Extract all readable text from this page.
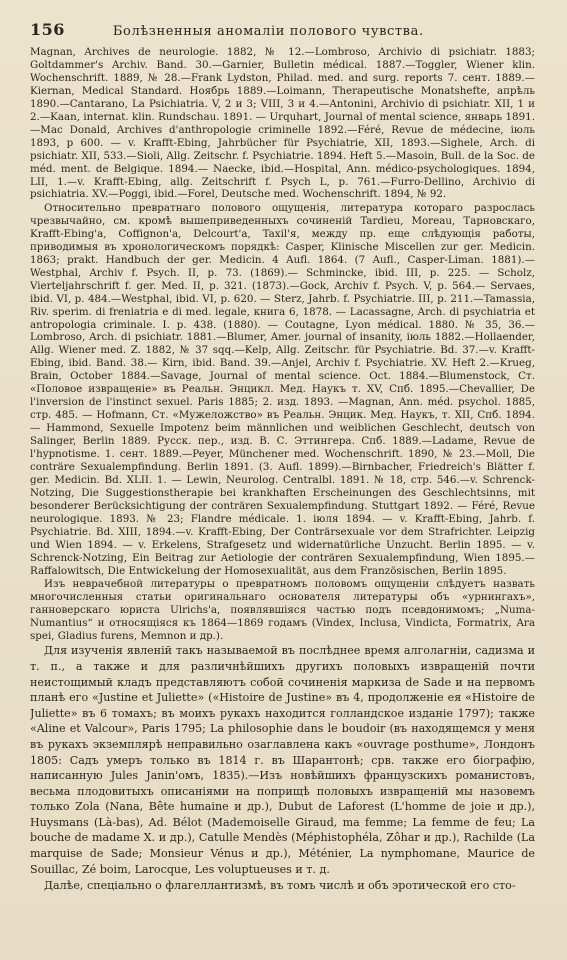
156	Болѣзненныя аномаліи полового чувства.

Magnan, Archives de neurologie. 1882, № 12.—Lombroso, Archivio di psichiatr. 1883; Goltdammer's Archiv. Band. 30.—Garnier, Bulletin médical. 1887.—Toggler, Wiener klin. Wochenschrift. 1889, № 28.—Frank Lydston, Philad. med. and surg. reports 7. сент. 1889.—Kiernan, Medical Standard. Ноябрь 1889.—Loimann, Therapeutische Monatshefte, апрѣль 1890.—Cantarano, La Psichiatria. V, 2 и 3; VIII, 3 и 4.—Antonini, Archivio di psichiatr. XII, 1 и 2.—Kaan, internat. klin. Rundschau. 1891. — Urquhart, Journal of mental science, январь 1891.—Mac Donald, Archives d'anthropologie criminelle 1892.—Féré, Revue de médecine, іюль 1893, p 600. — v. Krafft-Ebing, Jahrbücher für Psychiatrie, XII, 1893.—Sighele, Arch. di psichiatr. XII, 533.—Sioli, Allg. Zeitschr. f. Psychiatrie. 1894. Heft 5.—Masoin, Bull. de la Soc. de méd. ment. de Belgique. 1894.— Naecke, ibid.—Hospital, Ann. médico-psychologiques. 1894, LII, 1.—v. Krafft-Ebing, allg. Zeitschrift f. Psych L, p. 761.—Furro-Dellino, Archivio di psichiatria. XV.—Poggi, ibid.—Forel, Deutsche med. Wochenschrift. 1894, № 92.

Относительно превратнаго полового ощущенія, литература котораго разрослась чрезвычайно, см. кромѣ вышеприведенныхъ сочиненій Tardieu, Moreau, Тарновскаго, Krafft-Ebing'a, Coffignon'a, Delcourt'a, Taxil'я, между пр. еще слѣдующія работы, приводимыя въ хронологическомъ порядкѣ: Casper, Klinische Miscellen zur ger. Medicin. 1863; prakt. Handbuch der ger. Medicin. 4 Aufl. 1864. (7 Aufl., Casper-Liman. 1881).— Westphal, Archiv f. Psych. II, p. 73. (1869).— Schmincke, ibid. III, p. 225. — Scholz, Vierteljahrschrift f. ger. Med. II, p. 321. (1873).—Gock, Archiv f. Psych. V, p. 564.— Servaes, ibid. VI, p. 484.—Westphal, ibid. VI, p. 620. — Sterz, Jahrb. f. Psychiatrie. III, p. 211.—Tamassia, Riv. sperim. di freniatria e di med. legale, книга 6, 1878. — Lacassagne, Arch. di psychiatria et antropologia criminale. I. p. 438. (1880). — Coutagne, Lyon médical. 1880. № 35, 36.—Lombroso, Arch. di psichiatr. 1881.—Blumer, Amer. journal of insanity, іюль 1882.—Hollaender, Allg. Wiener med. Z. 1882, № 37 sqq.—Kelp, Allg. Zeitschr. für Psychiatrie. Bd. 37.—v. Krafft-Ebing, ibid. Band. 38.— Kirn, ibid. Band. 39.—Anjel, Archiv f. Psychiatrie. XV. Heft 2.—Krueg, Brain, October 1884.—Savage, Journal of mental science. Oct. 1884.—Blumenstock, Ст. «Половое извращеніе» въ Реальн. Энцикл. Мед. Наукъ т. XV, Спб. 1895.—Chevallier, De l'inversion de l'instinct sexuel. Paris 1885; 2. изд. 1893. —Magnan, Ann. méd. psychol. 1885, стр. 485. — Hofmann, Ст. «Мужеложство» въ Реальн. Энцик. Мед. Наукъ, т. XII, Спб. 1894. — Hammond, Sexuelle Impotenz beim männlichen und weiblichen Geschlecht, deutsch von Salinger, Berlin 1889. Русск. пер., изд. В. С. Эттингера. Спб. 1889.—Ladame, Revue de l'hypnotisme. 1. сент. 1889.—Peyer, Münchener med. Wochenschrift. 1890, № 23.—Moll, Die conträre Sexualempfindung. Berlin 1891. (3. Aufl. 1899).—Birnbacher, Friedreich's Blätter f. ger. Medicin. Bd. XLII. 1. — Lewin, Neurolog. Centralbl. 1891. № 18, стр. 546.—v. Schrenck-Notzing, Die Suggestionstherapie bei krankhaften Erscheinungen des Geschlechtsinns, mit besonderer Berücksichtigung der conträren Sexualempfindung. Stuttgart 1892. — Féré, Revue neurologique. 1893. № 23; Flandre médicale. 1. іюля 1894. — v. Krafft-Ebing, Jahrb. f. Psychiatrie. Bd. XIII, 1894.—v. Krafft-Ebing, Der Conträrsexuale vor dem Strafrichter. Leipzig und Wien 1894. — v. Erkelens, Strafgesetz und widernatürliche Unzucht. Berlin 1895. — v. Schrenck-Notzing, Ein Beitrag zur Aetiologie der conträren Sexualempfindung, Wien 1895.—Raffalowitsch, Die Entwickelung der Homosexualität, aus dem Französischen, Berlin 1895.

Изъ неврачебной литературы о превратномъ половомъ ощущеніи слѣдуетъ назвать многочисленныя статьи оригинальнаго основателя литературы объ «урнингахъ», ганноверскаго юриста Ulrichs'a, появлявшіяся частью подъ псевдонимомъ; „Numa-Numantius“ и относящіяся къ 1864—1869 годамъ (Vindex, Inclusa, Vindicta, Formatrix, Ara spei, Gladius furens, Memnon и др.).

Для изученія явленій такъ называемой въ послѣднее время алголагніи, садизма и т. п., а также и для различнѣйшихъ другихъ половыхъ извращеній почти неистощимый кладъ представляютъ собой сочиненія маркиза de Sade и на первомъ планѣ его «Justine et Juliette» («Histoire de Justine» въ 4, продолженіе ея «Histoire de Juliette» въ 6 томахъ; въ моихъ рукахъ находится голландское изданіе 1797); также «Aline et Valcour», Paris 1795; La philosophie dans le boudoir (въ находящемся у меня въ рукахъ экземплярѣ неправильно озаглавлена какъ «ouvrage posthume», Лондонъ 1805: Садъ умеръ только въ 1814 г. въ Шарантонѣ; срв. также его біографію, написанную Jules Janin'омъ, 1835).—Изъ новѣйшихъ французскихъ романистовъ, весьма плодовитыхъ описаніями на поприщѣ половыхъ извращеній мы назовемъ только Zola (Nana, Bête humaine и др.), Dubut de Laforest (L'homme de joie и др.), Huysmans (Là-bas), Ad. Bélot (Mademoiselle Giraud, ma femme; La femme de feu; La bouche de madame X. и др.), Catulle Mendès (Méphistophéla, Zôhar и др.), Rachilde (La marquise de Sade; Monsieur Vénus и др.), Méténier, La nymphomane, Maurice de Souillac, Zé boim, Larocque, Les voluptueuses и т. д.

Далѣе, спеціально о флагеллантизмѣ, въ томъ числѣ и объ эротической его сто-
